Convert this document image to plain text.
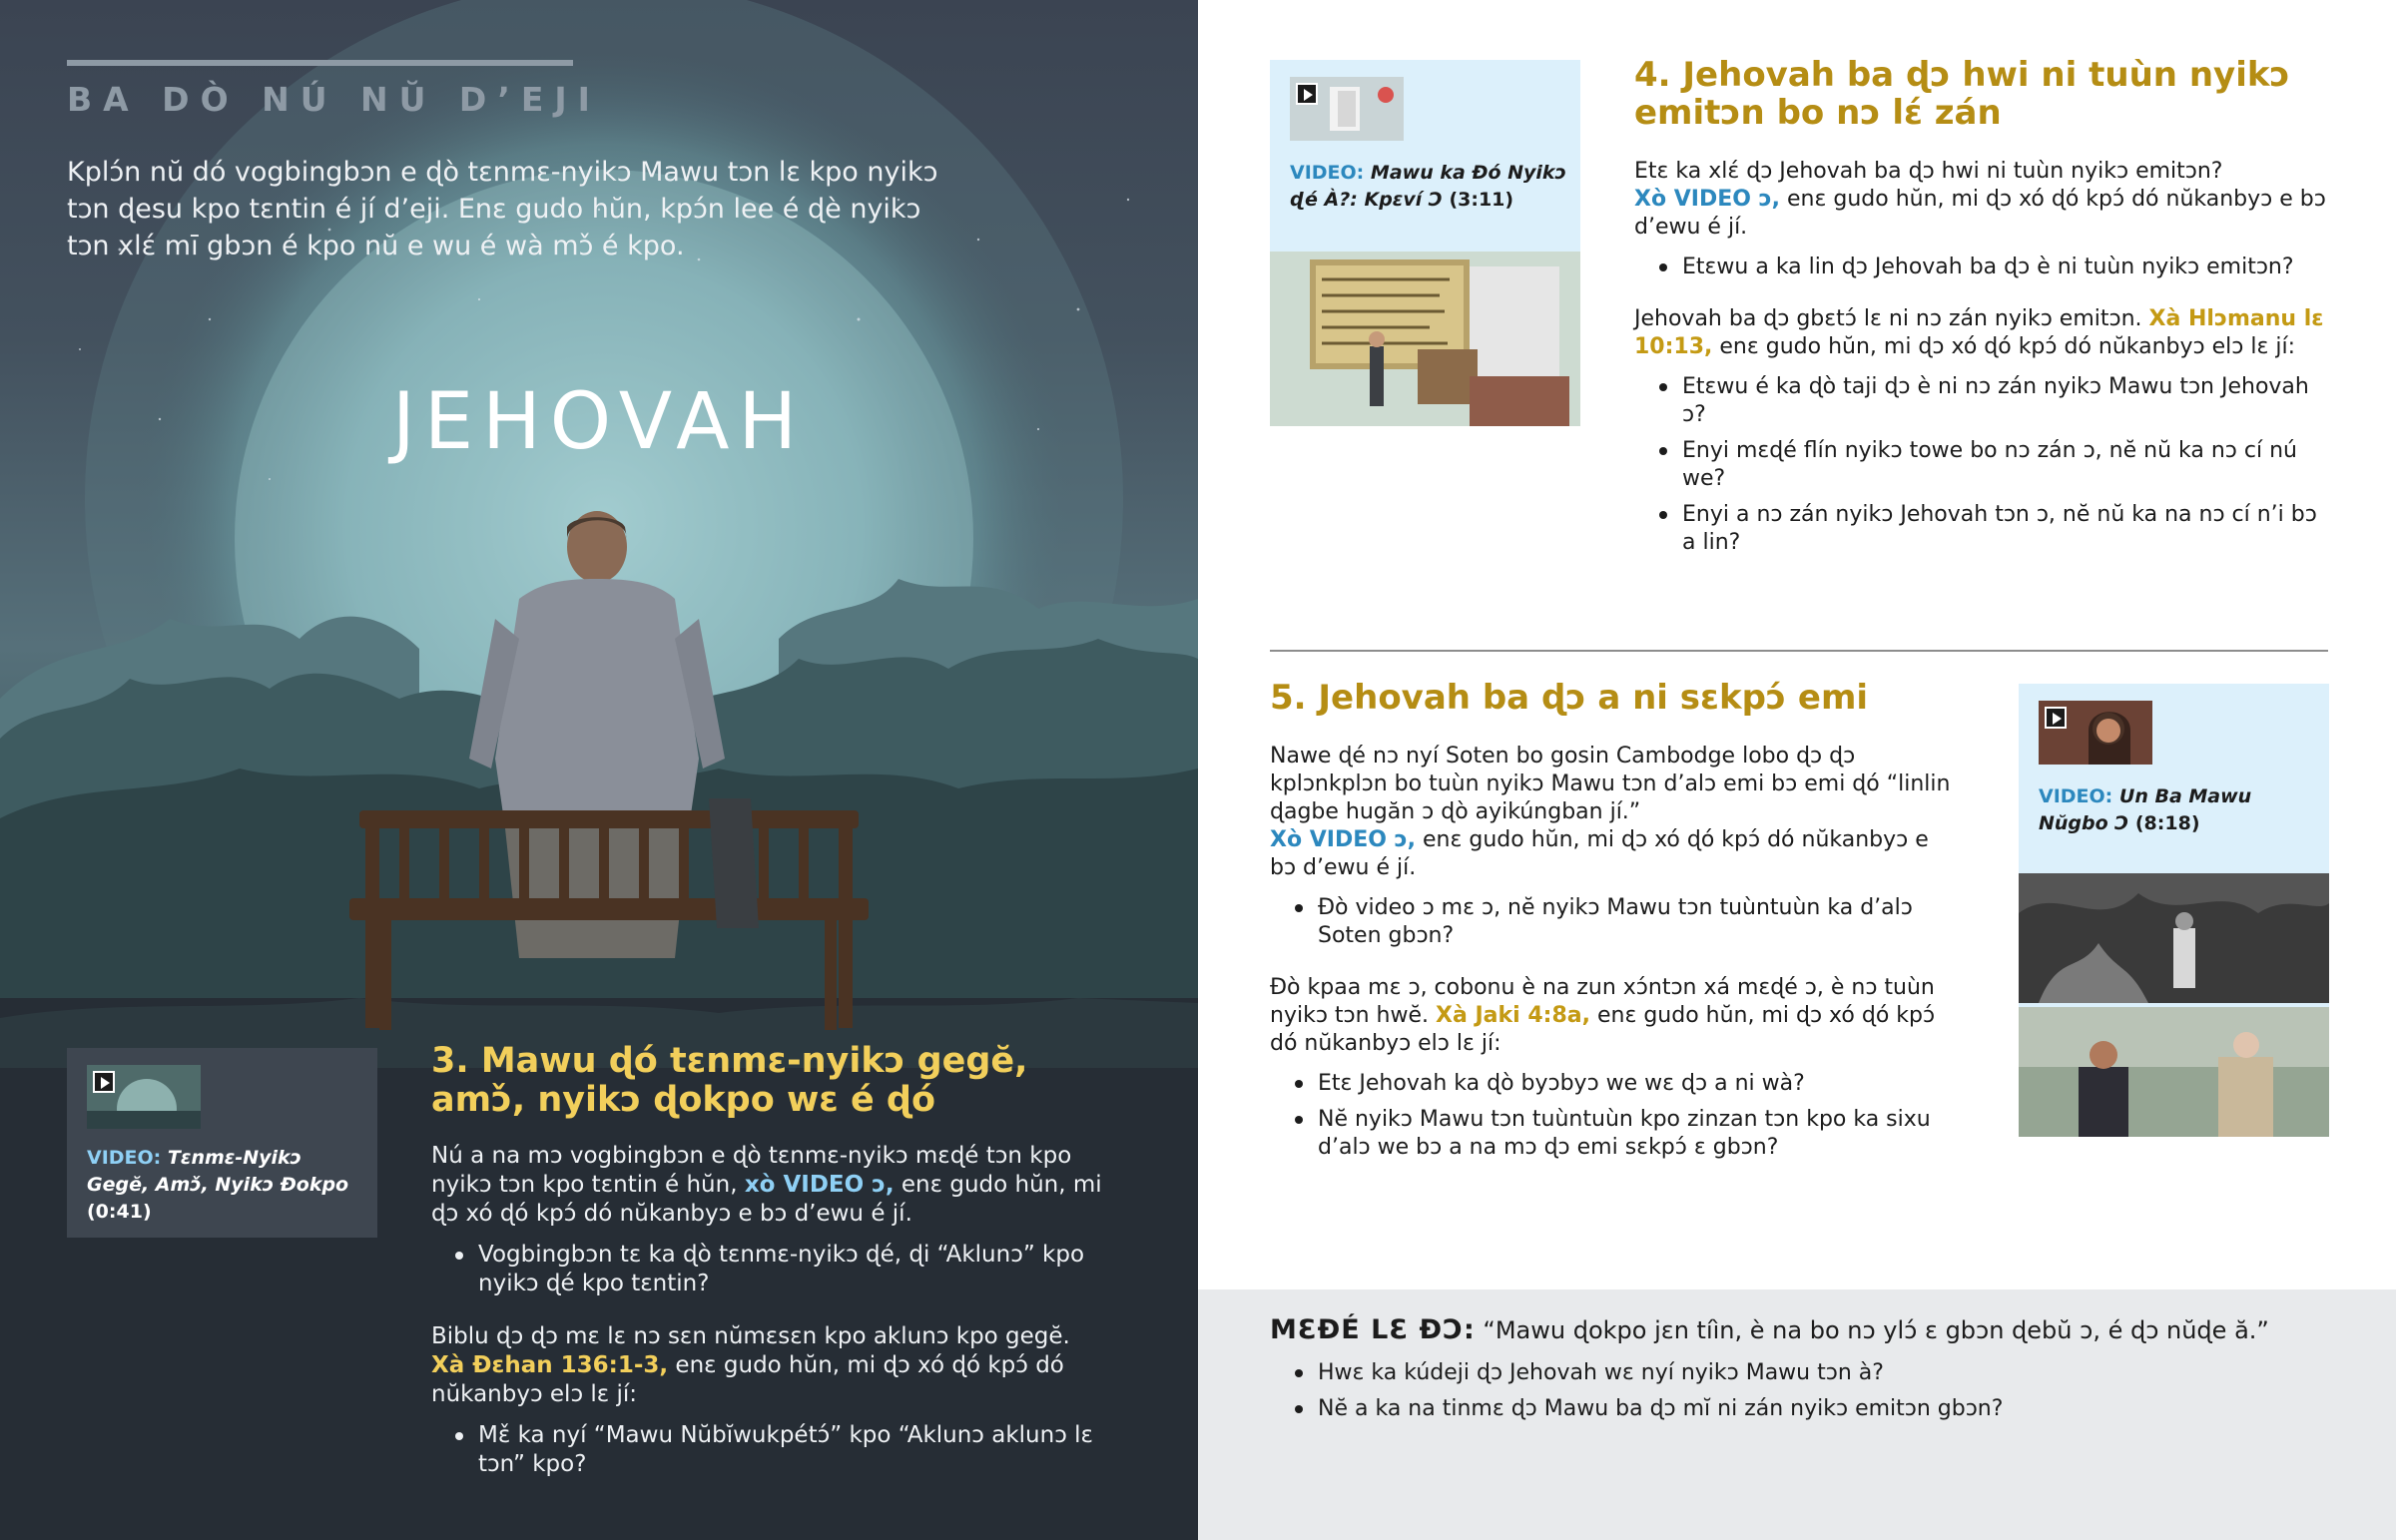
BA DÒ NÚ NŬ D’EJI

Kplɔ́n nŭ dó vogbingbɔn e ɖò tɛnmɛ-nyikɔ Mawu tɔn lɛ kpo nyikɔ tɔn ɖesu kpo tɛntin é jí d’eji. Enɛ gudo hŭn, kpɔ́n lee é ɖè nyikɔ tɔn xlɛ́ mī gbɔn é kpo nŭ e wu é wà mɔ̌ é kpo.

JEHOVAH
VIDEO: Tɛnmɛ-Nyikɔ Gegĕ, Amɔ̌, Nyikɔ Ɖokpo (0:41)
3. Mawu ɖó tɛnmɛ-nyikɔ gegĕ, amɔ̌, nyikɔ ɖokpo wɛ é ɖó

Nú a na mɔ vogbingbɔn e ɖò tɛnmɛ-nyikɔ mɛɖé tɔn kpo nyikɔ tɔn kpo tɛntin é hŭn, xò VIDEO ɔ, enɛ gudo hŭn, mi ɖɔ xó ɖó kpɔ́ dó nŭkanbyɔ e bɔ d’ewu é jí.

Vogbingbɔn tɛ ka ɖò tɛnmɛ-nyikɔ ɖé, ɖi “Aklunɔ” kpo nyikɔ ɖé kpo tɛntin?

Biblu ɖɔ ɖɔ mɛ lɛ nɔ sɛn nŭmɛsɛn kpo aklunɔ kpo gegĕ. Xà Ɖɛhan 136:1-3, enɛ gudo hŭn, mi ɖɔ xó ɖó kpɔ́ dó nŭkanbyɔ elɔ lɛ jí:

Mɛ̌ ka nyí “Mawu Nŭbĭwukpétɔ́” kpo “Aklunɔ aklunɔ lɛ tɔn” kpo?
VIDEO: Mawu ka Ɖó Nyikɔ ɖé À?: Kpɛví Ɔ (3:11)
4. Jehovah ba ɖɔ hwi ni tuùn nyikɔ emitɔn bo nɔ lɛ́ zán

Etɛ ka xlɛ́ ɖɔ Jehovah ba ɖɔ hwi ni tuùn nyikɔ emitɔn?
Xò VIDEO ɔ, enɛ gudo hŭn, mi ɖɔ xó ɖó kpɔ́ dó nŭkanbyɔ e bɔ d’ewu é jí.

Etɛwu a ka lin ɖɔ Jehovah ba ɖɔ è ni tuùn nyikɔ emitɔn?

Jehovah ba ɖɔ gbɛtɔ́ lɛ ni nɔ zán nyikɔ emitɔn. Xà Hlɔmanu lɛ 10:13, enɛ gudo hŭn, mi ɖɔ xó ɖó kpɔ́ dó nŭkanbyɔ elɔ lɛ jí:

Etɛwu é ka ɖò taji ɖɔ è ni nɔ zán nyikɔ Mawu tɔn Jehovah ɔ?
Enyi mɛɖé flín nyikɔ towe bo nɔ zán ɔ, nĕ nŭ ka nɔ cí nú we?
Enyi a nɔ zán nyikɔ Jehovah tɔn ɔ, nĕ nŭ ka na nɔ cí n’i bɔ a lin?
5. Jehovah ba ɖɔ a ni sɛkpɔ́ emi

Nawe ɖé nɔ nyí Soten bo gosin Cambodge lobo ɖɔ ɖɔ kplɔnkplɔn bo tuùn nyikɔ Mawu tɔn d’alɔ emi bɔ emi ɖó “linlin ɖagbe hugăn ɔ ɖò ayikúngban jí.”
Xò VIDEO ɔ, enɛ gudo hŭn, mi ɖɔ xó ɖó kpɔ́ dó nŭkanbyɔ e bɔ d’ewu é jí.

Ɖò video ɔ mɛ ɔ, nĕ nyikɔ Mawu tɔn tuùntuùn ka d’alɔ Soten gbɔn?

Ɖò kpaa mɛ ɔ, cobonu è na zun xɔ́ntɔn xá mɛɖé ɔ, è nɔ tuùn nyikɔ tɔn hwĕ. Xà Jaki 4:8a, enɛ gudo hŭn, mi ɖɔ xó ɖó kpɔ́ dó nŭkanbyɔ elɔ lɛ jí:

Etɛ Jehovah ka ɖò byɔbyɔ we wɛ ɖɔ a ni wà?
Nĕ nyikɔ Mawu tɔn tuùntuùn kpo zinzan tɔn kpo ka sixu d’alɔ we bɔ a na mɔ ɖɔ emi sɛkpɔ́ ɛ gbɔn?
VIDEO: Un Ba Mawu Nŭgbo Ɔ (8:18)

MƐƉÉ LƐ ƉƆ: “Mawu ɖokpo jɛn tíìn, è na bo nɔ ylɔ́ ɛ gbɔn ɖebŭ ɔ, é ɖɔ nŭɖe ă.”

Hwɛ ka kúdeji ɖɔ Jehovah wɛ nyí nyikɔ Mawu tɔn à?
Nĕ a ka na tinmɛ ɖɔ Mawu ba ɖɔ mĭ ni zán nyikɔ emitɔn gbɔn?
